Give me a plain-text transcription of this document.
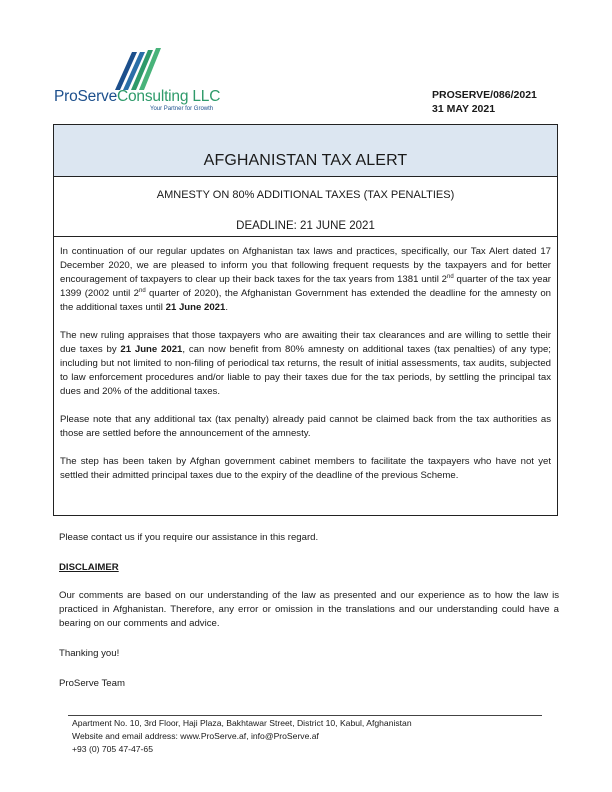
ProServeConsulting LLC
Your Partner for Growth
PROSERVE/086/2021
31 MAY 2021
AFGHANISTAN TAX ALERT
AMNESTY ON 80% ADDITIONAL TAXES (TAX PENALTIES)
DEADLINE: 21 JUNE 2021

In continuation of our regular updates on Afghanistan tax laws and practices, specifically, our Tax Alert dated 17 December 2020, we are pleased to inform you that following frequent requests by the taxpayers and for better encouragement of taxpayers to clear up their back taxes for the tax years from 1381 until 2nd quarter of the tax year 1399 (2002 until 2nd quarter of 2020), the Afghanistan Government has extended the deadline for the amnesty on the additional taxes until 21 June 2021.

The new ruling appraises that those taxpayers who are awaiting their tax clearances and are willing to settle their due taxes by 21 June 2021, can now benefit from 80% amnesty on additional taxes (tax penalties) of any type; including but not limited to non-filing of periodical tax returns, the result of initial assessments, tax audits, subjected to law enforcement procedures and/or liable to pay their taxes due for the tax periods, by settling the principal tax dues and 20% of the additional taxes.

Please note that any additional tax (tax penalty) already paid cannot be claimed back from the tax authorities as those are settled before the announcement of the amnesty.

The step has been taken by Afghan government cabinet members to facilitate the taxpayers who have not yet settled their admitted principal taxes due to the expiry of the deadline of the previous Scheme.

Please contact us if you require our assistance in this regard.
DISCLAIMER
Our comments are based on our understanding of the law as presented and our experience as to how the law is practiced in Afghanistan. Therefore, any error or omission in the translations and our understanding could have a bearing on our comments and advice.
Thanking you!
ProServe Team
Apartment No. 10, 3rd Floor, Haji Plaza, Bakhtawar Street, District 10, Kabul, Afghanistan
Website and email address: www.ProServe.af, info@ProServe.af
+93 (0) 705 47-47-65
